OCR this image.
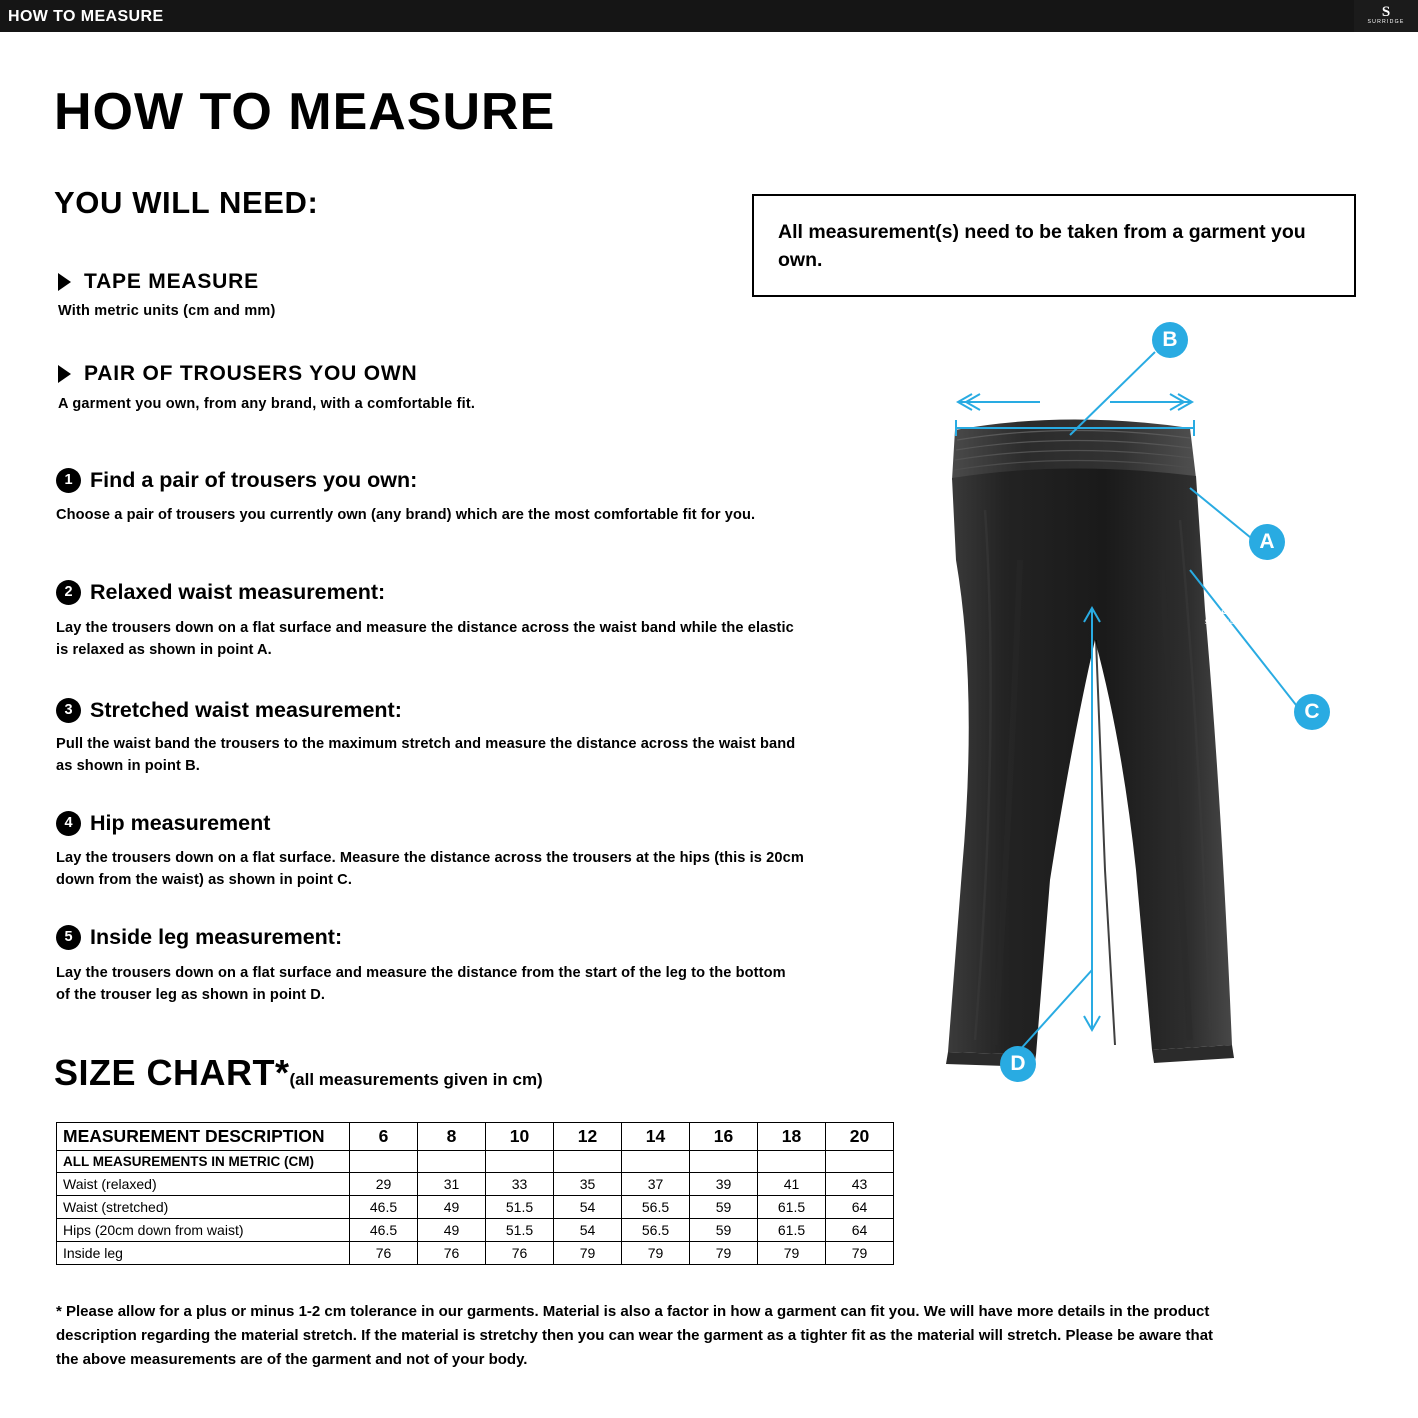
HOW TO MEASURE	S
SURRIDGE
HOW TO MEASURE
YOU WILL NEED:
All measurement(s) need to be taken from a garment you own.
TAPE MEASURE
With metric units (cm and mm)
PAIR OF TROUSERS YOU OWN
A garment you own, from any brand, with a comfortable fit.
1 Find a pair of trousers you own:
Choose a pair of trousers you currently own (any brand) which are the most comfortable fit for you.
2 Relaxed waist measurement:
Lay the trousers down on a flat surface and measure the distance across the waist band while the elastic is relaxed as shown in point A.
3 Stretched waist measurement:
Pull the waist band the trousers to the maximum stretch and measure the distance across the waist band as shown in point B.
4 Hip measurement
Lay the trousers down on a flat surface. Measure the distance across the trousers at the hips (this is 20cm down from the waist) as shown in point C.
5 Inside leg measurement:
Lay the trousers down on a flat surface and measure the distance from the start of the leg to the bottom of the trouser leg as shown in point D.
SIZE CHART*(all measurements given in cm)
MEASUREMENT DESCRIPTION	6	8	10	12	14	16	18	20
ALL MEASUREMENTS IN METRIC (CM)								
Waist (relaxed)	29	31	33	35	37	39	41	43
Waist (stretched)	46.5	49	51.5	54	56.5	59	61.5	64
Hips (20cm down from waist)	46.5	49	51.5	54	56.5	59	61.5	64
Inside leg	76	76	76	79	79	79	79	79
* Please allow for a plus or minus 1-2 cm tolerance in our garments. Material is also a factor in how a garment can fit you. We will have more details in the product description regarding the material stretch. If the material is stretchy then you can wear the garment as a tighter fit as the material will stretch. Please be aware that the above measurements are of the garment and not of your body.
S
SURRIDGE
B
A
C
D
